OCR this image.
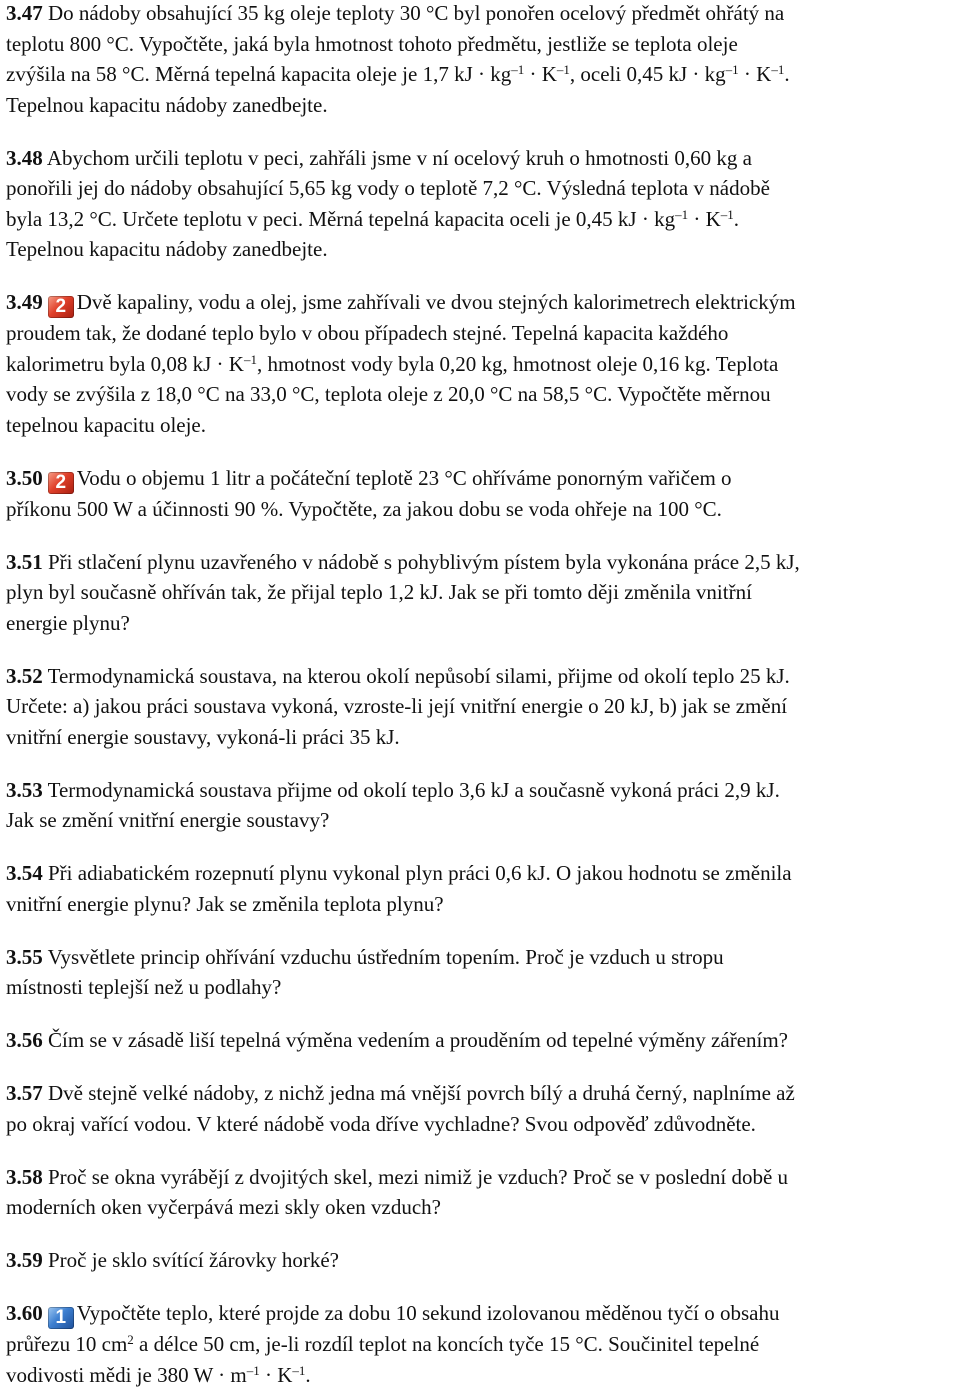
3.47 Do nádoby obsahující 35 kg oleje teploty 30 °C byl ponořen ocelový předmět ohřátý na
teplotu 800 °C. Vypočtěte, jaká byla hmotnost tohoto předmětu, jestliže se teplota oleje
zvýšila na 58 °C. Měrná tepelná kapacita oleje je 1,7 kJ · $kg^{-1} \cdot K^{-1}$, oceli 0,45 kJ · $kg^{-1} \cdot K^{-1}$.
Tepelnou kapacitu nádoby zanedbejte.
3.48 Abychom určili teplotu v peci, zahřáli jsme v ní ocelový kruh o hmotnosti 0,60 kg a
ponořili jej do nádoby obsahující 5,65 kg vody o teplotě 7,2 °C. Výsledná teplota v nádobě
byla 13,2 °C. Určete teplotu v peci. Měrná tepelná kapacita oceli je 0,45 kJ · $kg^{-1} \cdot K^{-1}$.
Tepelnou kapacitu nádoby zanedbejte.
3.49 2 Dvě kapaliny, vodu a olej, jsme zahřívali ve dvou stejných kalorimetrech elektrickým
proudem tak, že dodané teplo bylo v obou případech stejné. Tepelná kapacita každého
kalorimetru byla 0,08 kJ · $K^{-1}$, hmotnost vody byla 0,20 kg, hmotnost oleje 0,16 kg. Teplota
vody se zvýšila z 18,0 °C na 33,0 °C, teplota oleje z 20,0 °C na 58,5 °C. Vypočtěte měrnou
tepelnou kapacitu oleje.
3.50 2 Vodu o objemu 1 litr a počáteční teplotě 23 °C ohříváme ponorným vařičem o
příkonu 500 W a účinnosti 90 %. Vypočtěte, za jakou dobu se voda ohřeje na 100 °C.
3.51 Při stlačení plynu uzavřeného v nádobě s pohyblivým pístem byla vykonána práce 2,5 kJ,
plyn byl současně ohříván tak, že přijal teplo 1,2 kJ. Jak se při tomto ději změnila vnitřní
energie plynu?
3.52 Termodynamická soustava, na kterou okolí nepůsobí silami, přijme od okolí teplo 25 kJ.
Určete: a) jakou práci soustava vykoná, vzroste-li její vnitřní energie o 20 kJ, b) jak se změní
vnitřní energie soustavy, vykoná-li práci 35 kJ.
3.53 Termodynamická soustava přijme od okolí teplo 3,6 kJ a současně vykoná práci 2,9 kJ.
Jak se změní vnitřní energie soustavy?
3.54 Při adiabatickém rozepnutí plynu vykonal plyn práci 0,6 kJ. O jakou hodnotu se změnila
vnitřní energie plynu? Jak se změnila teplota plynu?
3.55 Vysvětlete princip ohřívání vzduchu ústředním topením. Proč je vzduch u stropu
místnosti teplejší než u podlahy?
3.56 Čím se v zásadě liší tepelná výměna vedením a prouděním od tepelné výměny zářením?
3.57 Dvě stejně velké nádoby, z nichž jedna má vnější povrch bílý a druhá černý, naplníme až
po okraj vařící vodou. V které nádobě voda dříve vychladne? Svou odpověď zdůvodněte.
3.58 Proč se okna vyrábějí z dvojitých skel, mezi nimiž je vzduch? Proč se v poslední době u
moderních oken vyčerpává mezi skly oken vzduch?
3.59 Proč je sklo svítící žárovky horké?
3.60 1 Vypočtěte teplo, které projde za dobu 10 sekund izolovanou měděnou tyčí o obsahu
průřezu 10 $cm^2$ a délce 50 cm, je-li rozdíl teplot na koncích tyče 15 °C. Součinitel tepelné
vodivosti mědi je 380 $W \cdot m^{-1} \cdot K^{-1}$.
